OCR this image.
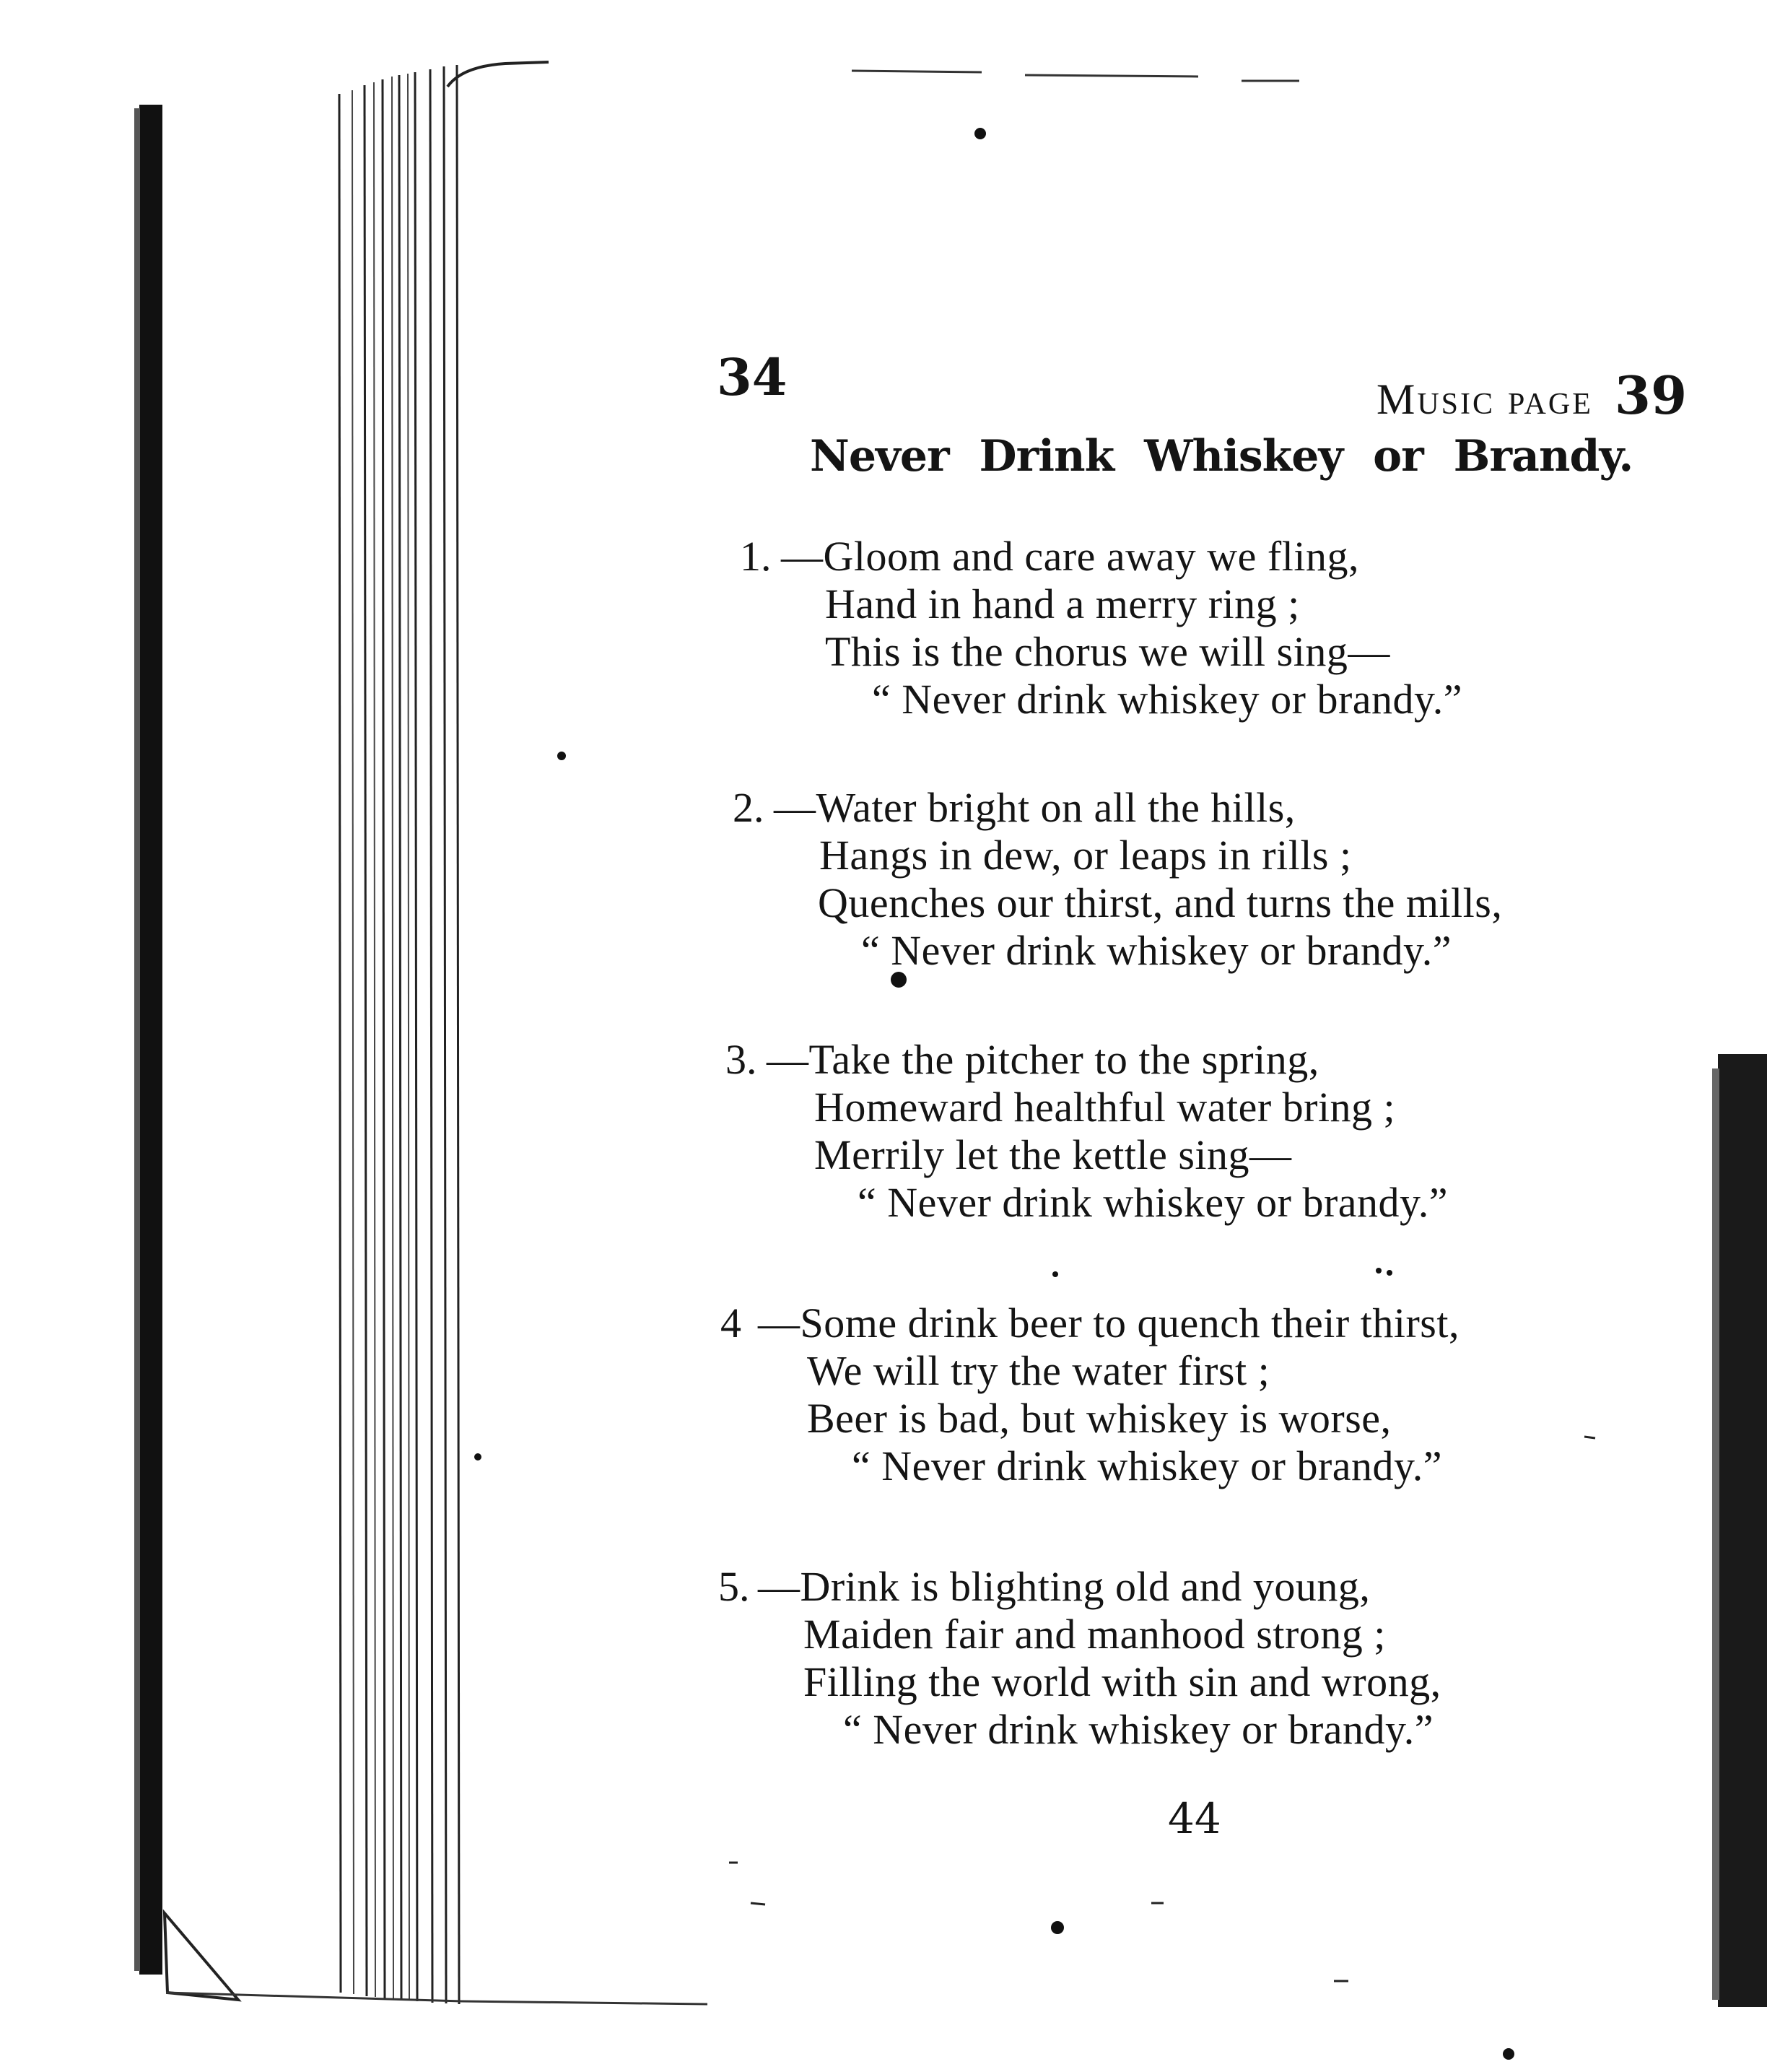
34	Music page 39
Never Drink Whiskey or Brandy.
1. —Gloom and care away we fling,
Hand in hand a merry ring ;
This is the chorus we will sing—
“ Never drink whiskey or brandy.”
2. —Water bright on all the hills,
Hangs in dew, or leaps in rills ;
Quenches our thirst, and turns the mills,
“ Never drink whiskey or brandy.”
3. —Take the pitcher to the spring,
Homeward healthful water bring ;
Merrily let the kettle sing—
“ Never drink whiskey or brandy.”
4 —Some drink beer to quench their thirst,
We will try the water first ;
Beer is bad, but whiskey is worse,
“ Never drink whiskey or brandy.”
5. —Drink is blighting old and young,
Maiden fair and manhood strong ;
Filling the world with sin and wrong,
“ Never drink whiskey or brandy.”
44
